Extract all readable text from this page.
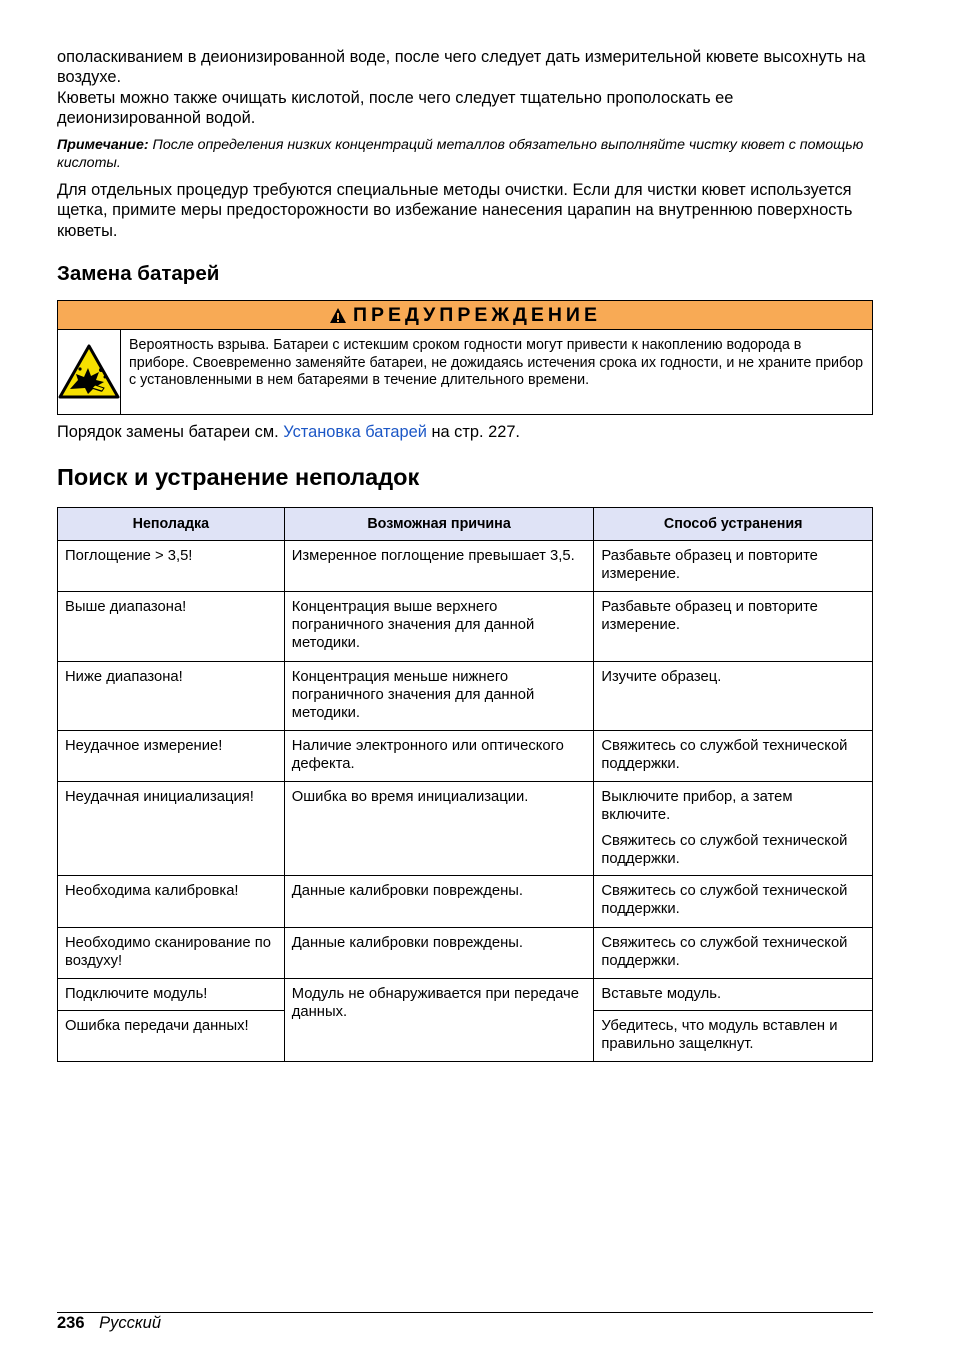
ополаскиванием в деионизированной воде, после чего следует дать измерительной кювете высохнуть на воздухе.

Кюветы можно также очищать кислотой, после чего следует тщательно прополоскать ее деионизированной водой.

Примечание: После определения низких концентраций металлов обязательно выполняйте чистку кювет с помощью кислоты.

Для отдельных процедур требуются специальные методы очистки. Если для чистки кювет используется щетка, примите меры предосторожности во избежание нанесения царапин на внутреннюю поверхность кюветы.

Замена батарей
ПРЕДУПРЕЖДЕНИЕ
Вероятность взрыва. Батареи с истекшим сроком годности могут привести к накоплению водорода в приборе. Своевременно заменяйте батареи, не дожидаясь истечения срока их годности, и не храните прибор с установленными в нем батареями в течение длительного времени.

Порядок замены батареи см. Установка батарей на стр. 227.

Поиск и устранение неполадок
Неполадка	Возможная причина	Способ устранения
Поглощение > 3,5!	Измеренное поглощение превышает 3,5.	Разбавьте образец и повторите измерение.
Выше диапазона!	Концентрация выше верхнего пограничного значения для данной методики.	Разбавьте образец и повторите измерение.
Ниже диапазона!	Концентрация меньше нижнего пограничного значения для данной методики.	Изучите образец.
Неудачное измерение!	Наличие электронного или оптического дефекта.	Свяжитесь со службой технической поддержки.
Неудачная инициализация!	Ошибка во время инициализации.	Выключите прибор, а затем включите.
Свяжитесь со службой технической поддержки.

Необходима калибровка!	Данные калибровки повреждены.	Свяжитесь со службой технической поддержки.
Необходимо сканирование по воздуху!	Данные калибровки повреждены.	Свяжитесь со службой технической поддержки.
Подключите модуль!	Модуль не обнаруживается при передаче данных.	Вставьте модуль.
Ошибка передачи данных!		Убедитесь, что модуль вставлен и правильно защелкнут.
236 Русский
